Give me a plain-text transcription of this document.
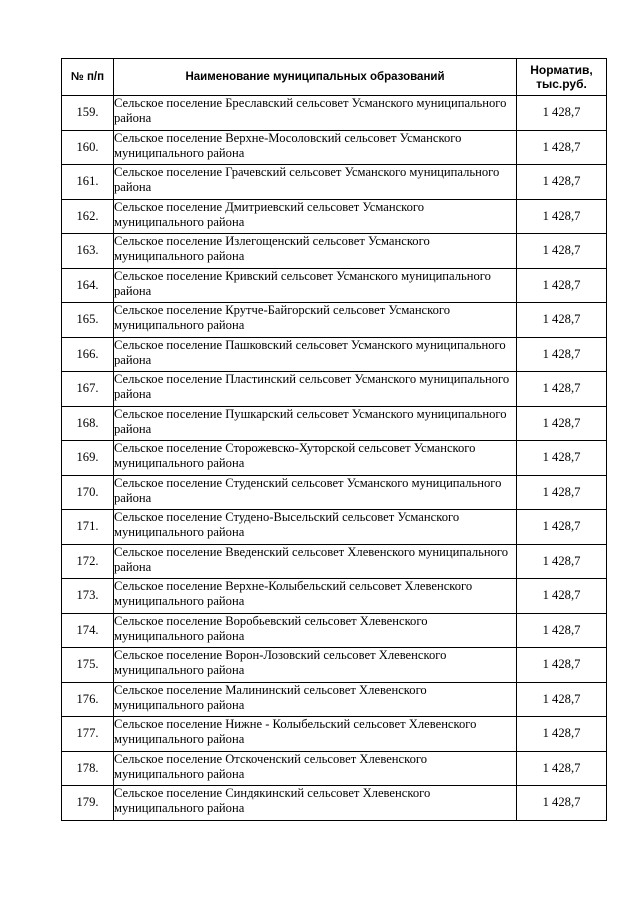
№ п/п	Наименование муниципальных образований	Норматив, тыс.руб.
159.	Сельское поселение Бреславский сельсовет Усманского муниципального района	1 428,7
160.	Сельское поселение Верхне-Мосоловский сельсовет Усманского муниципального района	1 428,7
161.	Сельское поселение Грачевский сельсовет Усманского муниципального района	1 428,7
162.	Сельское поселение Дмитриевский сельсовет Усманского муниципального района	1 428,7
163.	Сельское поселение Излегощенский сельсовет Усманского муниципального района	1 428,7
164.	Сельское поселение Кривский сельсовет Усманского муниципального района	1 428,7
165.	Сельское поселение Крутче-Байгорский сельсовет Усманского муниципального района	1 428,7
166.	Сельское поселение Пашковский сельсовет Усманского муниципального района	1 428,7
167.	Сельское поселение Пластинский сельсовет Усманского муниципального района	1 428,7
168.	Сельское поселение Пушкарский сельсовет Усманского муниципального района	1 428,7
169.	Сельское поселение Сторожевско-Хуторской сельсовет Усманского муниципального района	1 428,7
170.	Сельское поселение Студенский сельсовет Усманского муниципального района	1 428,7
171.	Сельское поселение Студено-Высельский сельсовет Усманского муниципального района	1 428,7
172.	Сельское поселение Введенский сельсовет Хлевенского муниципального района	1 428,7
173.	Сельское поселение Верхне-Колыбельский сельсовет Хлевенского муниципального района	1 428,7
174.	Сельское поселение Воробьевский сельсовет Хлевенского муниципального района	1 428,7
175.	Сельское поселение Ворон-Лозовский сельсовет Хлевенского муниципального района	1 428,7
176.	Сельское поселение Малининский сельсовет Хлевенского муниципального района	1 428,7
177.	Сельское поселение Нижне - Колыбельский сельсовет Хлевенского муниципального района	1 428,7
178.	Сельское поселение Отскоченский сельсовет Хлевенского муниципального района	1 428,7
179.	Сельское поселение Синдякинский сельсовет Хлевенского муниципального района	1 428,7
